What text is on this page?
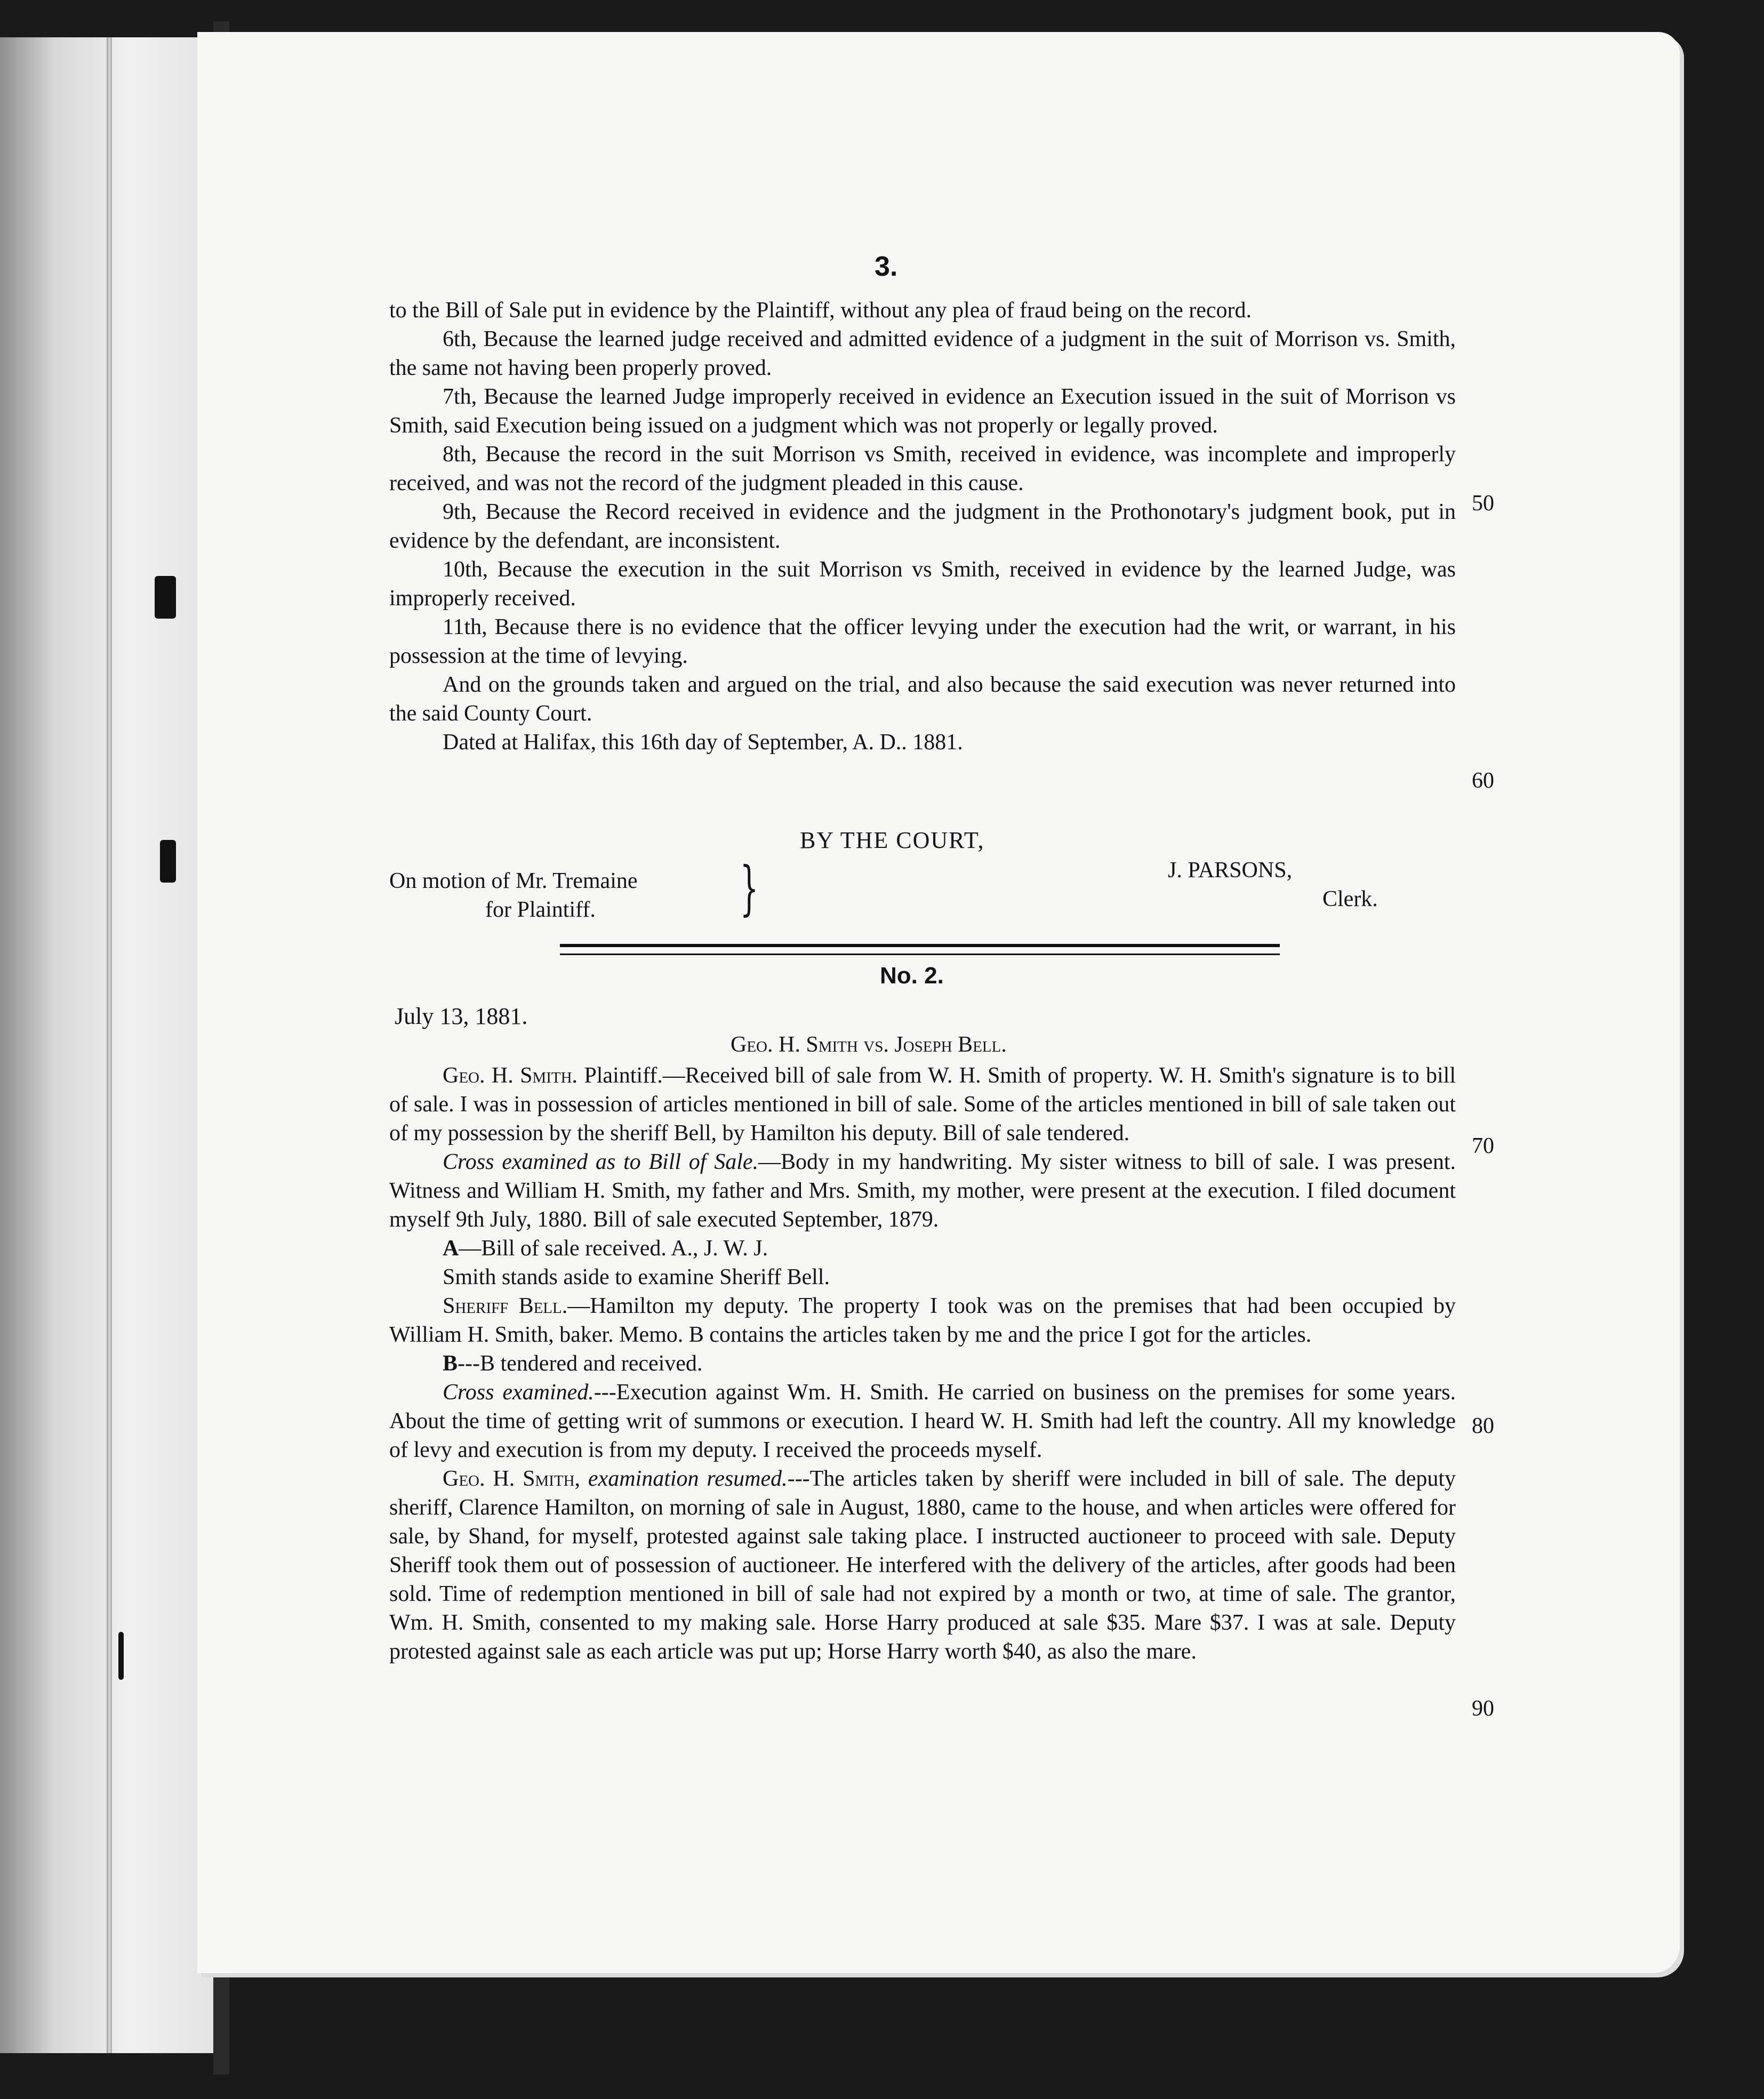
3.

to the Bill of Sale put in evidence by the Plaintiff, without any plea of fraud being on the record.

6th, Because the learned judge received and admitted evidence of a judgment in the suit of Morrison vs. Smith, the same not having been properly proved.

7th, Because the learned Judge improperly received in evidence an Execution issued in the suit of Morrison vs Smith, said Execution being issued on a judgment which was not properly or legally proved.

8th, Because the record in the suit Morrison vs Smith, received in evidence, was incomplete and improperly received, and was not the record of the judgment pleaded in this cause.

9th, Because the Record received in evidence and the judgment in the Prothonotary's judgment book, put in evidence by the defendant, are inconsistent.

10th, Because the execution in the suit Morrison vs Smith, received in evidence by the learned Judge, was improperly received.

11th, Because there is no evidence that the officer levying under the execution had the writ, or warrant, in his possession at the time of levying.

And on the grounds taken and argued on the trial, and also because the said execution was never returned into the said County Court.

Dated at Halifax, this 16th day of September, A. D.. 1881.

50
60
70
80
90
BY THE COURT,
On motion of Mr. Tremaine
for Plaintiff.	}	J. PARSONS,
Clerk.
No. 2.
July 13, 1881.
Geo. H. Smith vs. Joseph Bell.

Geo. H. Smith. Plaintiff.—Received bill of sale from W. H. Smith of property. W. H. Smith's signature is to bill of sale. I was in possession of articles mentioned in bill of sale. Some of the articles mentioned in bill of sale taken out of my possession by the sheriff Bell, by Hamilton his deputy. Bill of sale tendered.

Cross examined as to Bill of Sale.—Body in my handwriting. My sister witness to bill of sale. I was present. Witness and William H. Smith, my father and Mrs. Smith, my mother, were present at the execution. I filed document myself 9th July, 1880. Bill of sale executed September, 1879.

A—Bill of sale received. A., J. W. J.

Smith stands aside to examine Sheriff Bell.

Sheriff Bell.—Hamilton my deputy. The property I took was on the premises that had been occupied by William H. Smith, baker. Memo. B contains the articles taken by me and the price I got for the articles.

B---B tendered and received.

Cross examined.---Execution against Wm. H. Smith. He carried on business on the premises for some years. About the time of getting writ of summons or execution. I heard W. H. Smith had left the country. All my knowledge of levy and execution is from my deputy. I received the proceeds myself.

Geo. H. Smith, examination resumed.---The articles taken by sheriff were included in bill of sale. The deputy sheriff, Clarence Hamilton, on morning of sale in August, 1880, came to the house, and when articles were offered for sale, by Shand, for myself, protested against sale taking place. I instructed auctioneer to proceed with sale. Deputy Sheriff took them out of possession of auctioneer. He interfered with the delivery of the articles, after goods had been sold. Time of redemption mentioned in bill of sale had not expired by a month or two, at time of sale. The grantor, Wm. H. Smith, consented to my making sale. Horse Harry produced at sale $35. Mare $37. I was at sale. Deputy protested against sale as each article was put up; Horse Harry worth $40, as also the mare.
